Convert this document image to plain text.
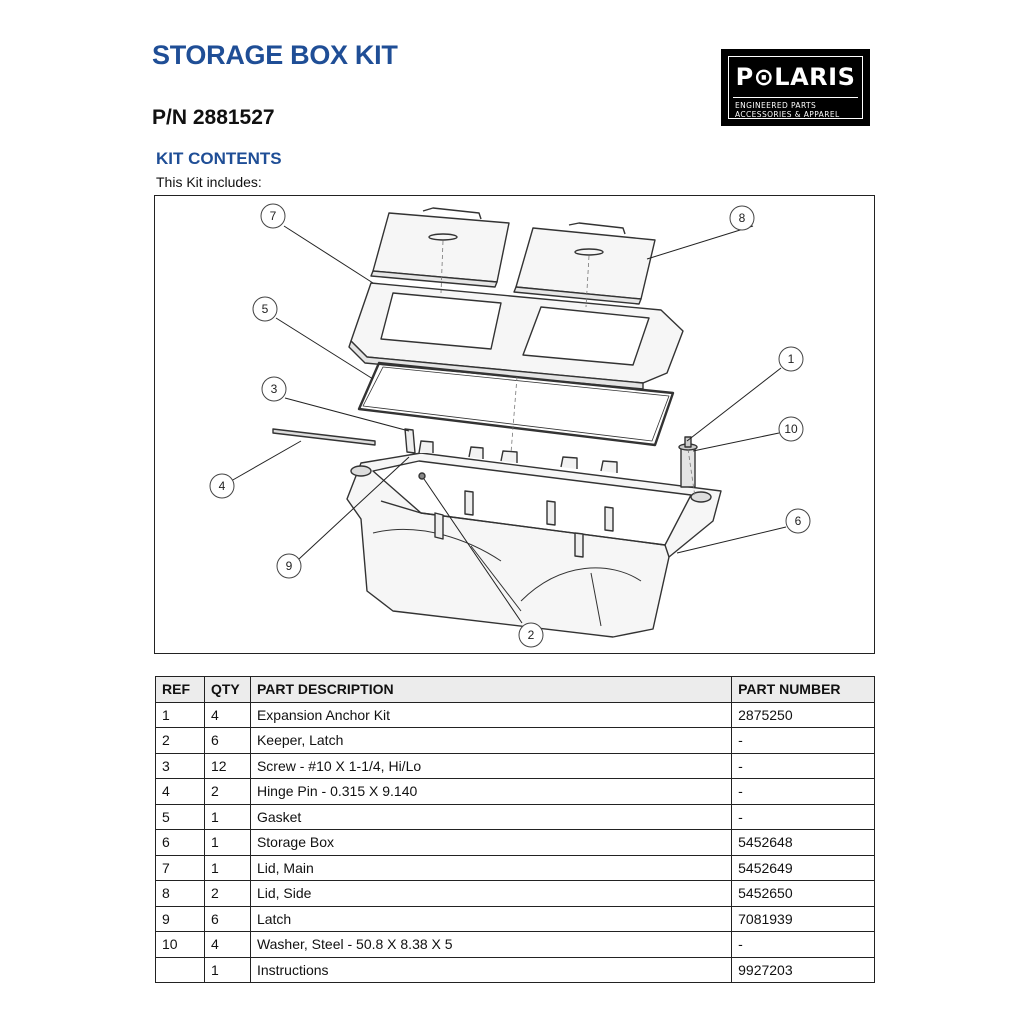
STORAGE BOX KIT
P/N 2881527
KIT CONTENTS
This Kit includes:
P⊙LARIS
ENGINEERED PARTS
ACCESSORIES & APPAREL
7	8
5
3
4
1
10
6
9
2
REF	QTY	PART DESCRIPTION	PART NUMBER
1	4	Expansion Anchor Kit	2875250
2	6	Keeper, Latch	-
3	12	Screw - #10 X 1-1/4, Hi/Lo	-
4	2	Hinge Pin - 0.315 X 9.140	-
5	1	Gasket	-
6	1	Storage Box	5452648
7	1	Lid, Main	5452649
8	2	Lid, Side	5452650
9	6	Latch	7081939
10	4	Washer, Steel - 50.8 X 8.38 X 5	-
	1	Instructions	9927203
